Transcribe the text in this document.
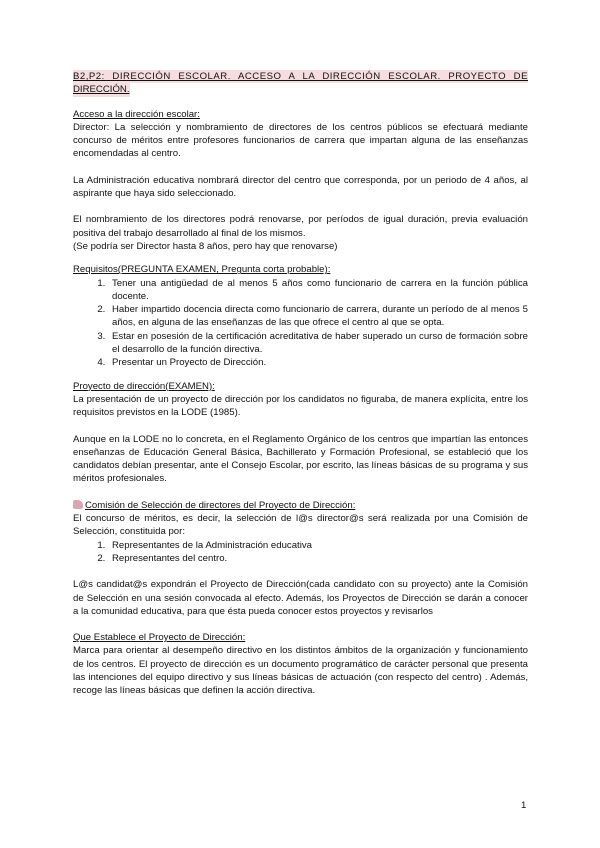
B2,P2: DIRECCIÓN ESCOLAR. ACCESO A LA DIRECCIÓN ESCOLAR. PROYECTO DE

DIRECCIÓN.

Acceso a la dirección escolar:

Director: La selección y nombramiento de directores de los centros públicos se efectuará mediante concurso de méritos entre profesores funcionarios de carrera que impartan alguna de las enseñanzas encomendadas al centro.

La Administración educativa nombrará director del centro que corresponda, por un periodo de 4 años, al aspirante que haya sido seleccionado.

El nombramiento de los directores podrá renovarse, por períodos de igual duración, previa evaluación positiva del trabajo desarrollado al final de los mismos.

(Se podría ser Director hasta 8 años, pero hay que renovarse)

Requisitos(PREGUNTA EXAMEN, Pregunta corta probable):

1. Tener una antigüedad de al menos 5 años como funcionario de carrera en la función pública docente.
2. Haber impartido docencia directa como funcionario de carrera, durante un período de al menos 5 años, en alguna de las enseñanzas de las que ofrece el centro al que se opta.
3. Estar en posesión de la certificación acreditativa de haber superado un curso de formación sobre el desarrollo de la función directiva.
4. Presentar un Proyecto de Dirección.

Proyecto de dirección(EXAMEN):

La presentación de un proyecto de dirección por los candidatos no figuraba, de manera explícita, entre los requisitos previstos en la LODE (1985).

Aunque en la LODE no lo concreta, en el Reglamento Orgánico de los centros que impartían las entonces enseñanzas de Educación General Básica, Bachillerato y Formación Profesional, se estableció que los candidatos debían presentar, ante el Consejo Escolar, por escrito, las líneas básicas de su programa y sus méritos profesionales.

Comisión de Selección de directores del Proyecto de Dirección:

El concurso de méritos, es decir, la selección de l@s director@s será realizada por una Comisión de Selección, constituida por:

1. Representantes de la Administración educativa
2. Representantes del centro.

L@s candidat@s expondrán el Proyecto de Dirección(cada candidato con su proyecto) ante la Comisión de Selección en una sesión convocada al efecto. Además, los Proyectos de Dirección se darán a conocer a la comunidad educativa, para que ésta pueda conocer estos proyectos y revisarlos

Que Establece el Proyecto de Dirección:

Marca para orientar al desempeño directivo en los distintos ámbitos de la organización y funcionamiento de los centros. El proyecto de dirección es un documento programático de carácter personal que presenta las intenciones del equipo directivo y sus líneas básicas de actuación (con respecto del centro) . Además, recoge las líneas básicas que definen la acción directiva.

1
